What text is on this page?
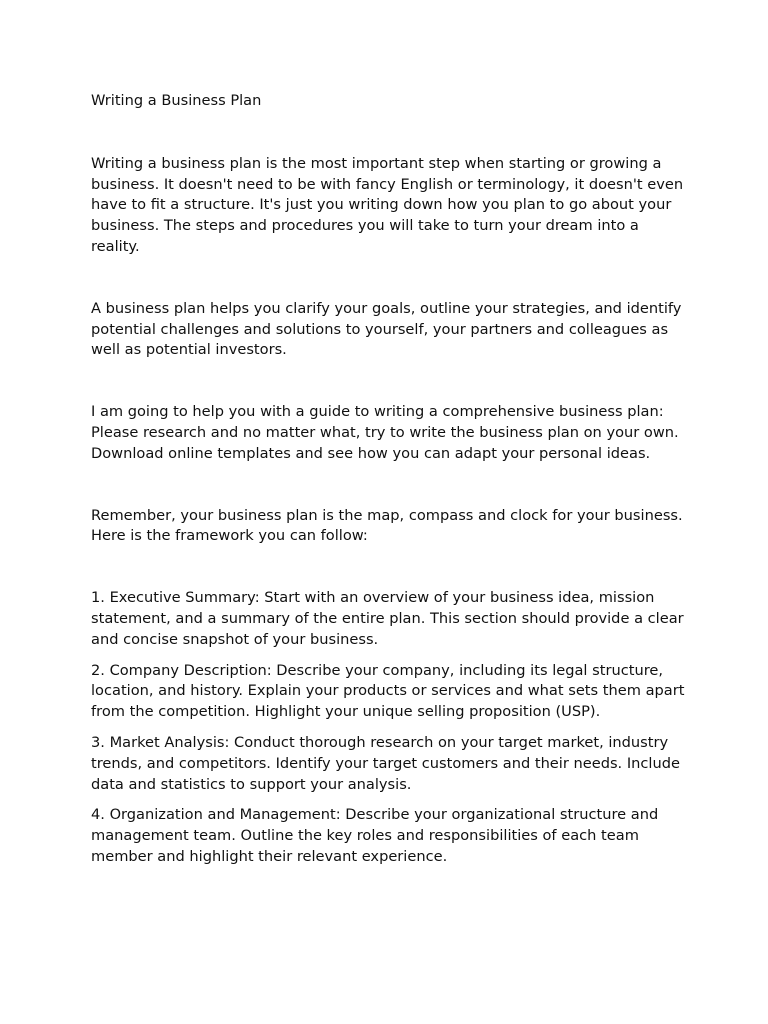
Writing a Business Plan

Writing a business plan is the most important step when starting or growing a business. It doesn't need to be with fancy English or terminology, it doesn't even have to fit a structure. It's just you writing down how you plan to go about your business. The steps and procedures you will take to turn your dream into a reality.

A business plan helps you clarify your goals, outline your strategies, and identify potential challenges and solutions to yourself, your partners and colleagues as well as potential investors.

I am going to help you with a guide to writing a comprehensive business plan: Please research and no matter what, try to write the business plan on your own. Download online templates and see how you can adapt your personal ideas.

Remember, your business plan is the map, compass and clock for your business. Here is the framework you can follow:

1. Executive Summary: Start with an overview of your business idea, mission statement, and a summary of the entire plan. This section should provide a clear and concise snapshot of your business.
2. Company Description: Describe your company, including its legal structure, location, and history. Explain your products or services and what sets them apart from the competition. Highlight your unique selling proposition (USP).
3. Market Analysis: Conduct thorough research on your target market, industry trends, and competitors. Identify your target customers and their needs. Include data and statistics to support your analysis.
4. Organization and Management: Describe your organizational structure and management team. Outline the key roles and responsibilities of each team member and highlight their relevant experience.
